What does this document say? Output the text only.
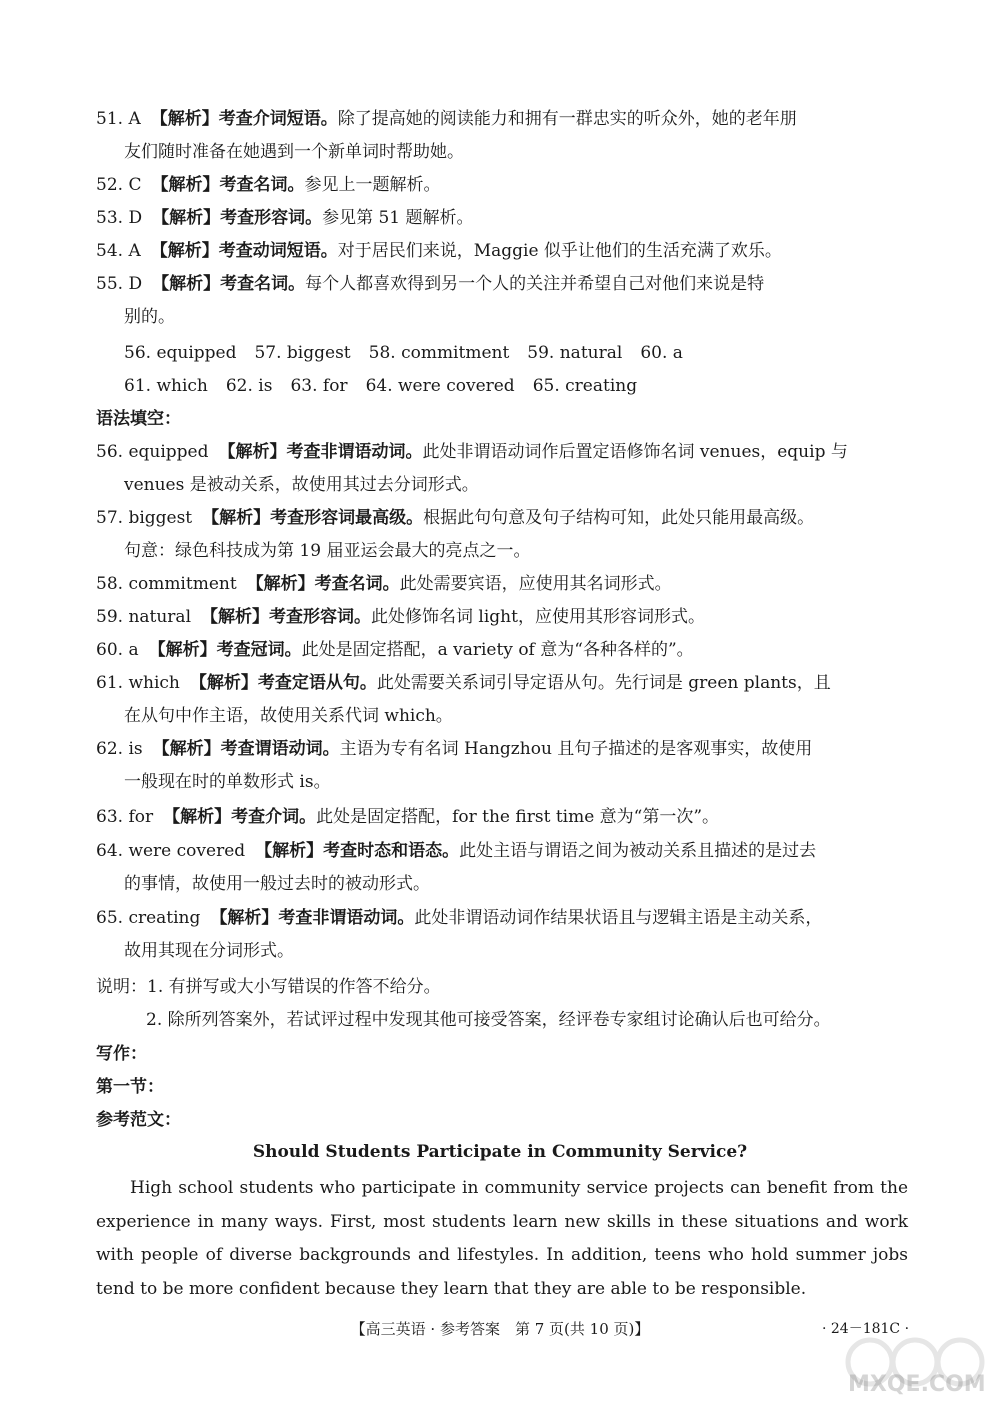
51. A 【解析】考查介词短语。除了提高她的阅读能力和拥有一群忠实的听众外，她的老年朋
友们随时准备在她遇到一个新单词时帮助她。
52. C 【解析】考查名词。参见上一题解析。
53. D 【解析】考查形容词。参见第 51 题解析。
54. A 【解析】考查动词短语。对于居民们来说，Maggie 似乎让他们的生活充满了欢乐。
55. D 【解析】考查名词。每个人都喜欢得到另一个人的关注并希望自己对他们来说是特
别的。
56. equipped 57. biggest 58. commitment 59. natural 60. a
61. which 62. is 63. for 64. were covered 65. creating
语法填空：
56. equipped 【解析】考查非谓语动词。此处非谓语动词作后置定语修饰名词 venues，equip 与
venues 是被动关系，故使用其过去分词形式。
57. biggest 【解析】考查形容词最高级。根据此句句意及句子结构可知，此处只能用最高级。
句意：绿色科技成为第 19 届亚运会最大的亮点之一。
58. commitment 【解析】考查名词。此处需要宾语，应使用其名词形式。
59. natural 【解析】考查形容词。此处修饰名词 light，应使用其形容词形式。
60. a 【解析】考查冠词。此处是固定搭配，a variety of 意为“各种各样的”。
61. which 【解析】考查定语从句。此处需要关系词引导定语从句。先行词是 green plants，且
在从句中作主语，故使用关系代词 which。
62. is 【解析】考查谓语动词。主语为专有名词 Hangzhou 且句子描述的是客观事实，故使用
一般现在时的单数形式 is。
63. for 【解析】考查介词。此处是固定搭配，for the first time 意为“第一次”。
64. were covered 【解析】考查时态和语态。此处主语与谓语之间为被动关系且描述的是过去
的事情，故使用一般过去时的被动形式。
65. creating 【解析】考查非谓语动词。此处非谓语动词作结果状语且与逻辑主语是主动关系，
故用其现在分词形式。
说明：1. 有拼写或大小写错误的作答不给分。
2. 除所列答案外，若试评过程中发现其他可接受答案，经评卷专家组讨论确认后也可给分。
写作：
第一节：
参考范文：
Should Students Participate in Community Service?

High school students who participate in community service projects can benefit from the experience in many ways. First, most students learn new skills in these situations and work with people of diverse backgrounds and lifestyles. In addition, teens who hold summer jobs tend to be more confident because they learn that they are able to be responsible.

【高三英语 · 参考答案　第 7 页(共 10 页)】	· 24－181C ·
MXQE.COM
